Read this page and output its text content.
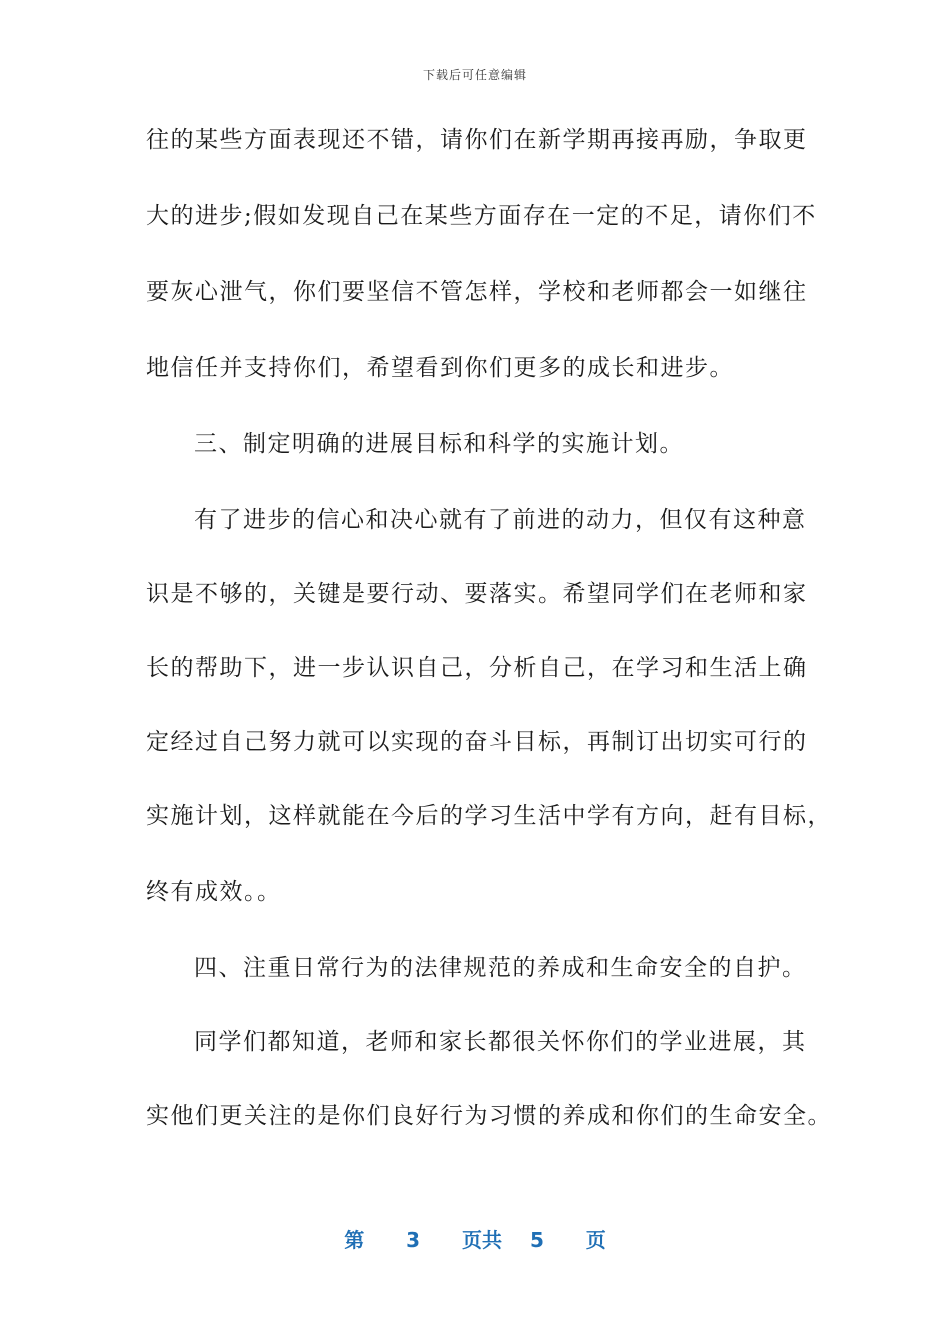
下载后可任意编辑
往的某些方面表现还不错，请你们在新学期再接再励，争取更
大的进步;假如发现自己在某些方面存在一定的不足，请你们不
要灰心泄气，你们要坚信不管怎样，学校和老师都会一如继往
地信任并支持你们，希望看到你们更多的成长和进步。
三、制定明确的进展目标和科学的实施计划。
有了进步的信心和决心就有了前进的动力，但仅有这种意
识是不够的，关键是要行动、要落实。希望同学们在老师和家
长的帮助下，进一步认识自己，分析自己，在学习和生活上确
定经过自己努力就可以实现的奋斗目标，再制订出切实可行的
实施计划，这样就能在今后的学习生活中学有方向，赶有目标，
终有成效。。
四、注重日常行为的法律规范的养成和生命安全的自护。
同学们都知道，老师和家长都很关怀你们的学业进展，其
实他们更关注的是你们良好行为习惯的养成和你们的生命安全。
第 3 页共 5 页
